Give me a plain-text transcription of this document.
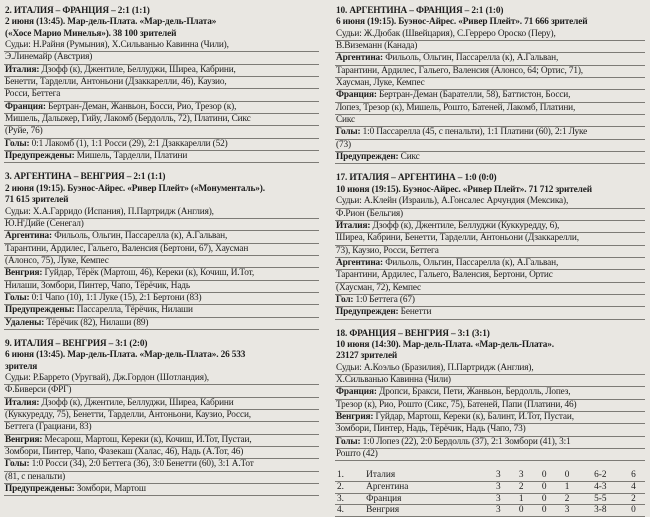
2. ИТАЛИЯ – ФРАНЦИЯ – 2:1 (1:1)
2 июня (13:45). Мар-дель-Плата. «Мар-дель-Плата»
(«Хосе Марио Минелья»). 38 100 зрителей
Судьи: Н.Райня (Румыния), Х.Сильванью Кавинна (Чили),
Э.Линемайр (Австрия)
Италия: Дзофф (к), Джентиле, Беллуджи, Ширеа, Кабрини,
Бенетти, Тарделли, Антоньони (Дзаккарелли, 46), Каузио,
Росси, Беттега
Франция: Бертран-Деман, Жанвьон, Босси, Рио, Трезор (к),
Мишель, Далыжер, Гийу, Лакомб (Бердолль, 72), Платини, Сикс
(Руйе, 76)
Голы: 0:1 Лакомб (1), 1:1 Росси (29), 2:1 Дзаккарелли (52)
Предупреждены: Мишель, Тарделли, Платини
3. АРГЕНТИНА – ВЕНГРИЯ – 2:1 (1:1)
2 июня (19:15). Буэнос-Айрес. «Ривер Плейт» («Монументаль»).
71 615 зрителей
Судьи: Х.А.Гарридо (Испания), П.Партридж (Англия),
Ю.Н'Дийе (Сенегал)
Аргентина: Фильоль, Ольгин, Пассарелла (к), А.Гальван,
Тарантини, Ардилес, Гальего, Валенсия (Бертони, 67), Хаусман
(Алонсо, 75), Луке, Кемпес
Венгрия: Гуйдар, Тёрёк (Мартош, 46), Кереки (к), Кочиш, И.Тот,
Нилаши, Зомбори, Пинтер, Чапо, Тёрёчик, Надь
Голы: 0:1 Чапо (10), 1:1 Луке (15), 2:1 Бертони (83)
Предупреждены: Пассарелла, Тёрёчик, Нилаши
Удалены: Тёрёчик (82), Нилаши (89)
9. ИТАЛИЯ – ВЕНГРИЯ – 3:1 (2:0)
6 июня (13:45). Мар-дель-Плата. «Мар-дель-Плата». 26 533
зрителя
Судьи: Р.Баррето (Уругвай), Дж.Гордон (Шотландия),
Ф.Биверси (ФРГ)
Италия: Дзофф (к), Джентиле, Беллуджи, Ширеа, Кабрини
(Куккуреддy, 75), Бенетти, Тарделли, Антоньони, Каузио, Росси,
Беттега (Грациани, 83)
Венгрия: Месарош, Мартош, Кереки (к), Кочиш, И.Тот, Пустаи,
Зомбори, Пинтер, Чапо, Фазекаш (Халас, 46), Надь (А.Тот, 46)
Голы: 1:0 Росси (34), 2:0 Беттега (36), 3:0 Бенетти (60), 3:1 А.Тот
(81, с пенальти)
Предупреждены: Зомбори, Мартош
10. АРГЕНТИНА – ФРАНЦИЯ – 2:1 (1:0)
6 июня (19:15). Буэнос-Айрес. «Ривер Плейт». 71 666 зрителей
Судьи: Ж.Дюбак (Швейцария), С.Герреро Ороско (Перу),
В.Виземанн (Канада)
Аргентина: Фильоль, Ольгин, Пассарелла (к), А.Гальван,
Тарантини, Ардилес, Гальего, Валенсия (Алонсо, 64; Ортис, 71),
Хаусман, Луке, Кемпес
Франция: Бертран-Деман (Барателли, 58), Баттистон, Босси,
Лопез, Трезор (к), Мишель, Рошто, Батеней, Лакомб, Платини,
Сикс
Голы: 1:0 Пассарелла (45, с пенальти), 1:1 Платини (60), 2:1 Луке
(73)
Предупрежден: Сикс
17. ИТАЛИЯ – АРГЕНТИНА – 1:0 (0:0)
10 июня (19:15). Буэнос-Айрес. «Ривер Плейт». 71 712 зрителей
Судьи: А.Клейн (Израиль), А.Гонсалес Арчундия (Мексика),
Ф.Рион (Бельгия)
Италия: Дзофф (к), Джентиле, Беллуджи (Куккуреддy, 6),
Ширеа, Кабрини, Бенетти, Тарделли, Антоньони (Дзаккарелли,
73), Каузио, Росси, Беттега
Аргентина: Фильоль, Ольгин, Пассарелла (к), А.Гальван,
Тарантини, Ардилес, Гальего, Валенсия, Бертони, Ортис
(Хаусман, 72), Кемпес
Гол: 1:0 Беттега (67)
Предупрежден: Бенетти
18. ФРАНЦИЯ – ВЕНГРИЯ – 3:1 (3:1)
10 июня (14:30). Мар-дель-Плата. «Мар-дель-Плата».
23127 зрителей
Судьи: А.Коэльо (Бразилия), П.Партридж (Англия),
Х.Сильванью Кавинна (Чили)
Франция: Дропси, Бракси, Пети, Жанвьон, Бердолль, Лопез,
Трезор (к), Рио, Рошто (Сикс, 75), Батеней, Папи (Платини, 46)
Венгрия: Гуйдар, Мартош, Кереки (к), Балинт, И.Тот, Пустаи,
Зомбори, Пинтер, Надь, Тёрёчик, Надь (Чапо, 73)
Голы: 1:0 Лопез (22), 2:0 Бердолль (37), 2:1 Зомбори (41), 3:1
Рошто (42)
1.	Италия	3	3	0	0	6-2	6
2.	Аргентина	3	2	0	1	4-3	4
3.	Франция	3	1	0	2	5-5	2
4.	Венгрия	3	0	0	3	3-8	0
